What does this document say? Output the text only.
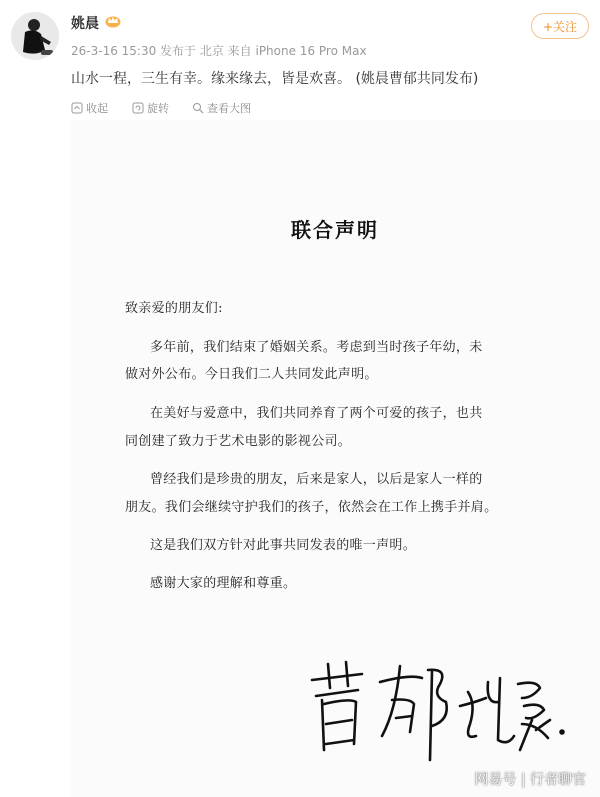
姚晨
26-3-16 15:30 发布于 北京 来自 iPhone 16 Pro Max
+关注
山水一程，三生有幸。缘来缘去，皆是欢喜。 (姚晨曹郁共同发布)
收起	旋转	查看大图
联合声明
致亲爱的朋友们:
多年前，我们结束了婚姻关系。考虑到当时孩子年幼，未
做对外公布。今日我们二人共同发此声明。
在美好与爱意中，我们共同养育了两个可爱的孩子，也共
同创建了致力于艺术电影的影视公司。
曾经我们是珍贵的朋友，后来是家人，以后是家人一样的
朋友。我们会继续守护我们的孩子，依然会在工作上携手并肩。
这是我们双方针对此事共同发表的唯一声明。
感谢大家的理解和尊重。
网易号 | 行者聊官
